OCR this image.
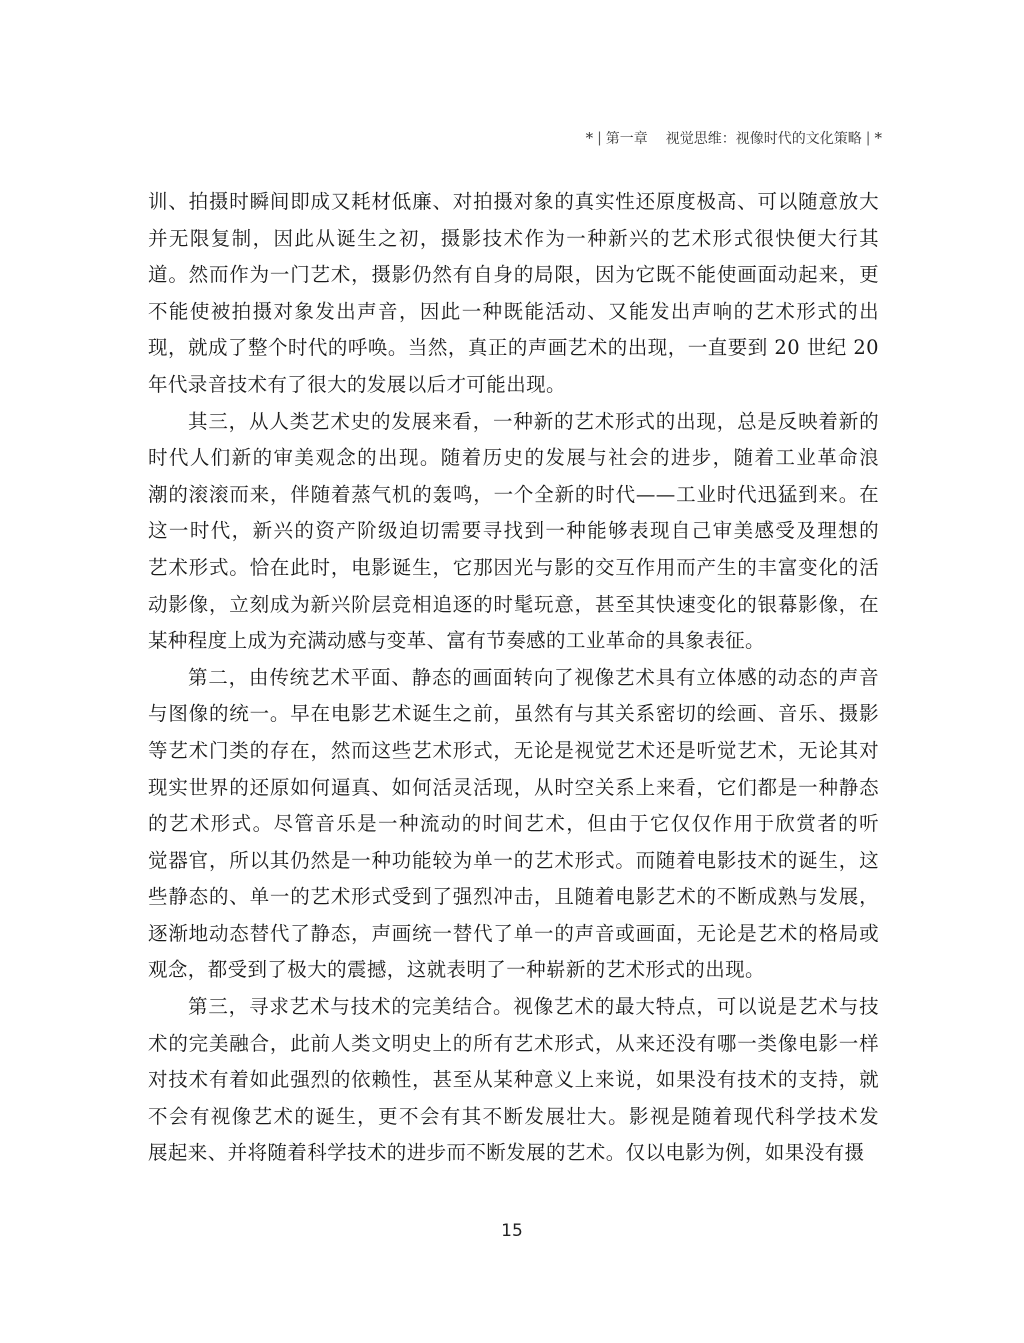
* | 第一章 视觉思维：视像时代的文化策略 | *

训、拍摄时瞬间即成又耗材低廉、对拍摄对象的真实性还原度极高、可以随意放大
并无限复制，因此从诞生之初，摄影技术作为一种新兴的艺术形式很快便大行其
道。然而作为一门艺术，摄影仍然有自身的局限，因为它既不能使画面动起来，更
不能使被拍摄对象发出声音，因此一种既能活动、又能发出声响的艺术形式的出
现，就成了整个时代的呼唤。当然，真正的声画艺术的出现，一直要到 20 世纪 20
年代录音技术有了很大的发展以后才可能出现。

其三，从人类艺术史的发展来看，一种新的艺术形式的出现，总是反映着新的
时代人们新的审美观念的出现。随着历史的发展与社会的进步，随着工业革命浪
潮的滚滚而来，伴随着蒸气机的轰鸣，一个全新的时代——工业时代迅猛到来。在
这一时代，新兴的资产阶级迫切需要寻找到一种能够表现自己审美感受及理想的
艺术形式。恰在此时，电影诞生，它那因光与影的交互作用而产生的丰富变化的活
动影像，立刻成为新兴阶层竞相追逐的时髦玩意，甚至其快速变化的银幕影像，在
某种程度上成为充满动感与变革、富有节奏感的工业革命的具象表征。

第二，由传统艺术平面、静态的画面转向了视像艺术具有立体感的动态的声音
与图像的统一。早在电影艺术诞生之前，虽然有与其关系密切的绘画、音乐、摄影
等艺术门类的存在，然而这些艺术形式，无论是视觉艺术还是听觉艺术，无论其对
现实世界的还原如何逼真、如何活灵活现，从时空关系上来看，它们都是一种静态
的艺术形式。尽管音乐是一种流动的时间艺术，但由于它仅仅作用于欣赏者的听
觉器官，所以其仍然是一种功能较为单一的艺术形式。而随着电影技术的诞生，这
些静态的、单一的艺术形式受到了强烈冲击，且随着电影艺术的不断成熟与发展，
逐渐地动态替代了静态，声画统一替代了单一的声音或画面，无论是艺术的格局或
观念，都受到了极大的震撼，这就表明了一种崭新的艺术形式的出现。

第三，寻求艺术与技术的完美结合。视像艺术的最大特点，可以说是艺术与技
术的完美融合，此前人类文明史上的所有艺术形式，从来还没有哪一类像电影一样
对技术有着如此强烈的依赖性，甚至从某种意义上来说，如果没有技术的支持，就
不会有视像艺术的诞生，更不会有其不断发展壮大。影视是随着现代科学技术发
展起来、并将随着科学技术的进步而不断发展的艺术。仅以电影为例，如果没有摄

15
